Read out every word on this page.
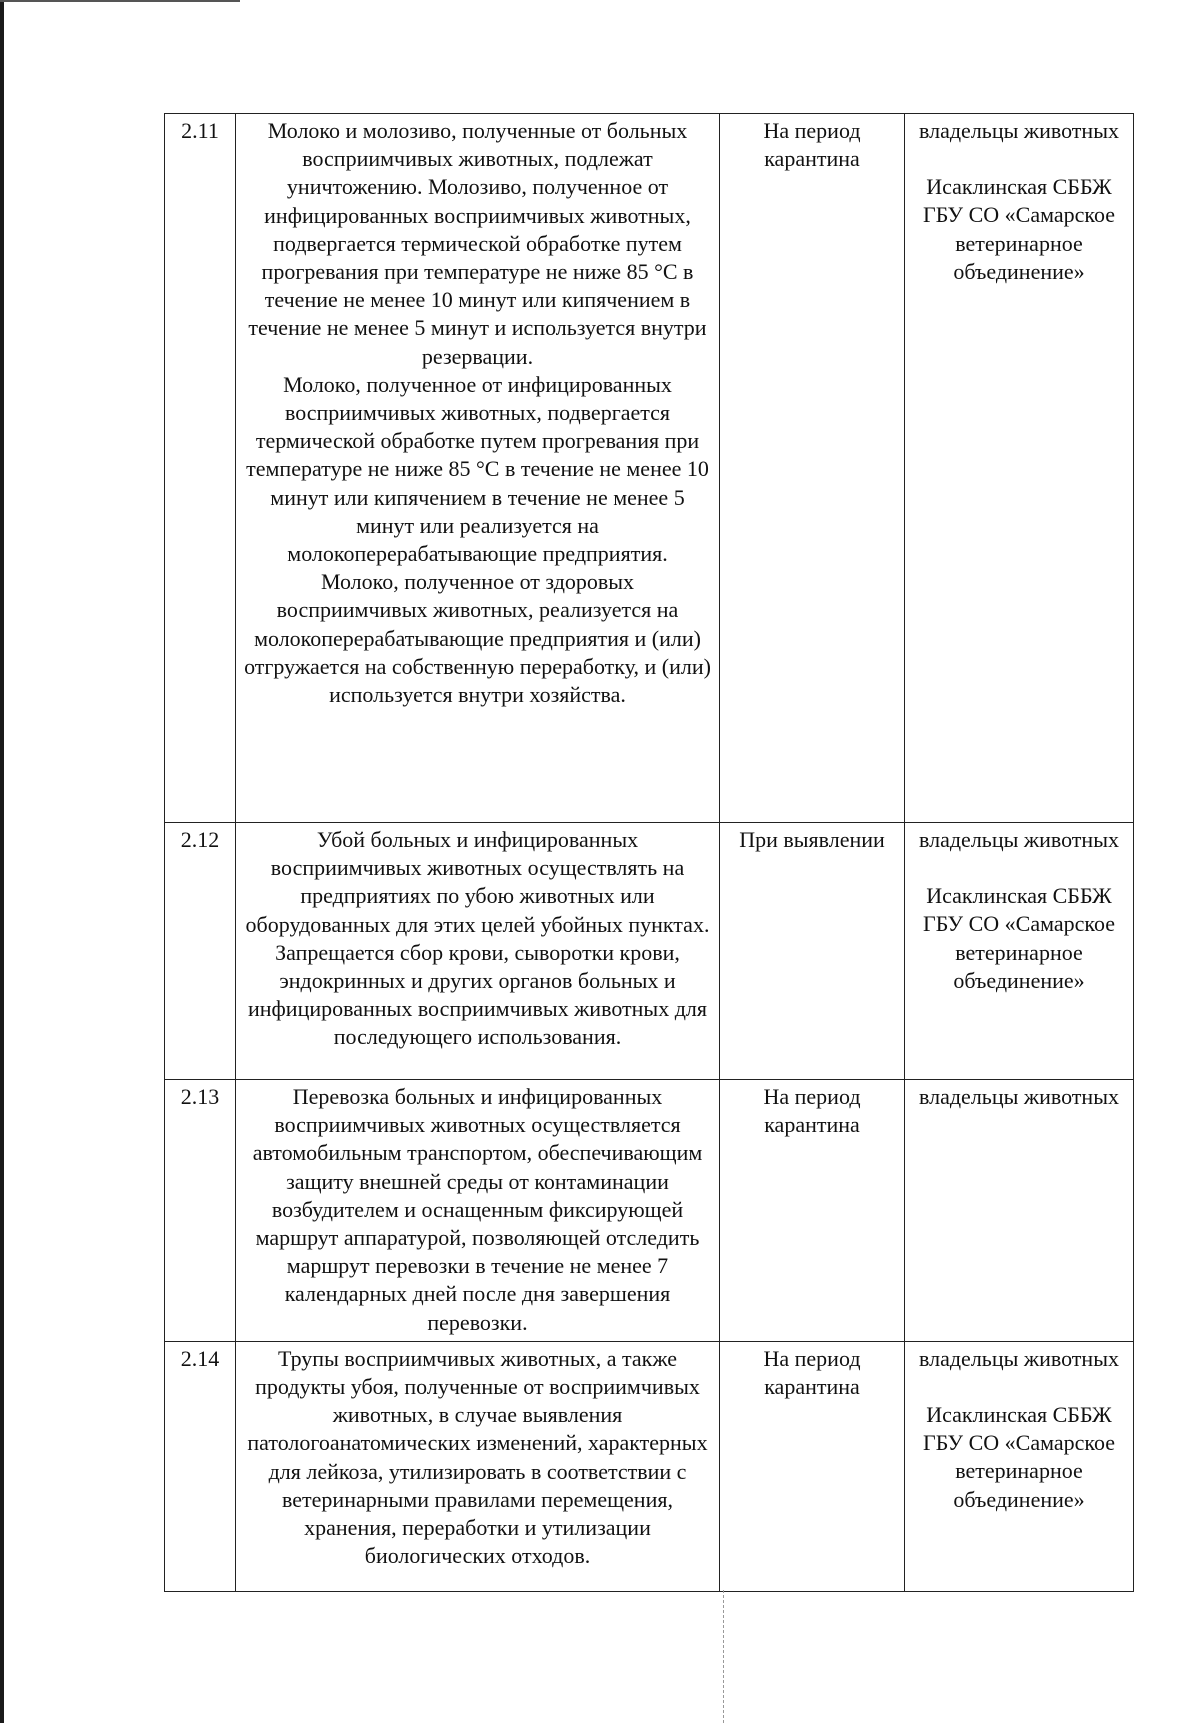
2.11	Молоко и молозиво, полученные от больных восприимчивых животных, подлежат уничтожению. Молозиво, полученное от инфицированных восприимчивых животных, подвергается термической обработке путем прогревания при температуре не ниже 85 °С в течение не менее 10 минут или кипячением в течение не менее 5 минут и используется внутри резервации.
Молоко, полученное от инфицированных восприимчивых животных, подвергается термической обработке путем прогревания при температуре не ниже 85 °С в течение не менее 10 минут или кипячением в течение не менее 5 минут или реализуется на молокоперерабатывающие предприятия.
Молоко, полученное от здоровых восприимчивых животных, реализуется на молокоперерабатывающие предприятия и (или) отгружается на собственную переработку, и (или) используется внутри хозяйства.	На период карантина	владельцы животных
Исаклинская СББЖ ГБУ СО «Самарское ветеринарное объединение»

2.12	Убой больных и инфицированных восприимчивых животных осуществлять на предприятиях по убою животных или оборудованных для этих целей убойных пунктах. Запрещается сбор крови, сыворотки крови, эндокринных и других органов больных и инфицированных восприимчивых животных для последующего использования.	При выявлении	владельцы животных
Исаклинская СББЖ ГБУ СО «Самарское ветеринарное объединение»

2.13	Перевозка больных и инфицированных восприимчивых животных осуществляется автомобильным транспортом, обеспечивающим защиту внешней среды от контаминации возбудителем и оснащенным фиксирующей маршрут аппаратурой, позволяющей отследить маршрут перевозки в течение не менее 7 календарных дней после дня завершения перевозки.	На период карантина	владельцы животных

2.14	Трупы восприимчивых животных, а также продукты убоя, полученные от восприимчивых животных, в случае выявления патологоанатомических изменений, характерных для лейкоза, утилизировать в соответствии с ветеринарными правилами перемещения, хранения, переработки и утилизации биологических отходов.	На период карантина	владельцы животных
Исаклинская СББЖ ГБУ СО «Самарское ветеринарное объединение»
